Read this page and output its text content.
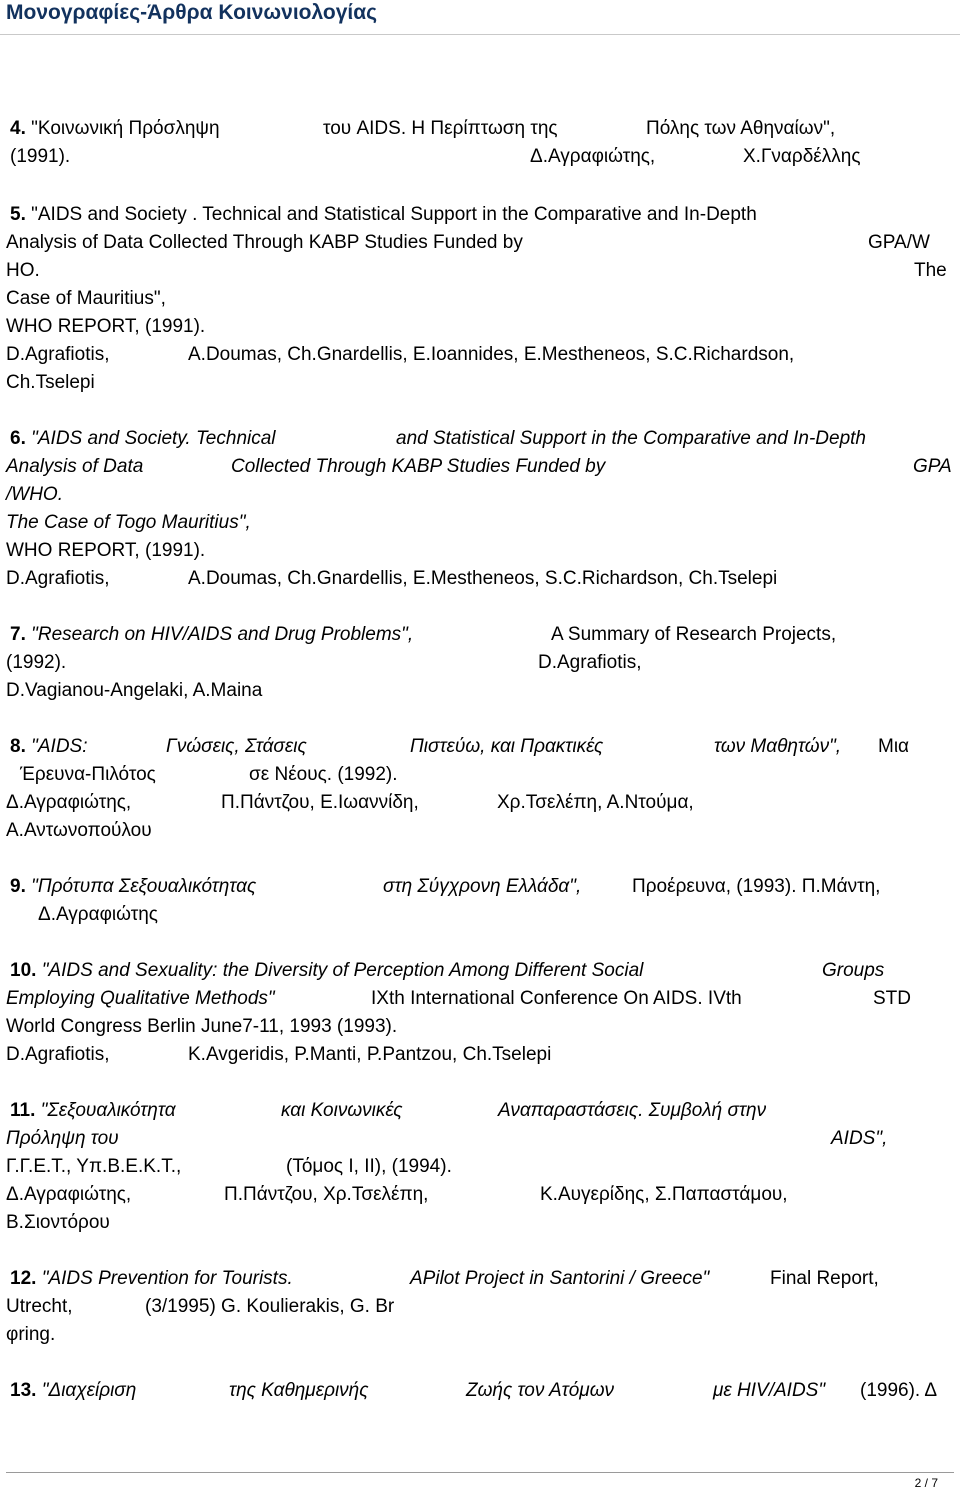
Μονογραφίες-Άρθρα Κοινωνιολογίας
4. "Κοινωνική Πρόσληψη	του AIDS. Η Περίπτωση της	Πόλης των Αθηναίων",
(1991).	Δ.Αγραφιώτης,	Χ.Γναρδέλλης
5. "AIDS and Society . Technical and Statistical Support in the Comparative and In-Depth
Analysis of Data Collected Through KABP Studies Funded by	GPA/W
HO.	The
Case of Mauritius",
WHO REPORT, (1991).
D.Agrafiotis,	A.Doumas, Ch.Gnardellis, E.Ioannides, E.Mestheneos, S.C.Richardson,
Ch.Tselepi
6. "AIDS and Society. Technical	and Statistical Support in the Comparative and In-Depth
Analysis of Data	Collected Through KABP Studies Funded by	GPA
/WHO.
The Case of Togo Mauritius",
WHO REPORT, (1991).
D.Agrafiotis,	A.Doumas, Ch.Gnardellis, E.Mestheneos, S.C.Richardson, Ch.Tselepi
7. "Research on HIV/AIDS and Drug Problems",	A Summary of Research Projects,
(1992).	D.Agrafiotis,
D.Vagianou-Angelaki, A.Maina
8. "AIDS:	Γνώσεις, Στάσεις	Πιστεύω, και Πρακτικές	των Μαθητών", Μια
Έρευνα-Πιλότος	σε Νέους. (1992).
Δ.Αγραφιώτης,	Π.Πάντζου, Ε.Ιωαννίδη,	Χρ.Τσελέπη, Α.Ντούμα,
Α.Αντωνοπούλου
9. "Πρότυπα Σεξουαλικότητας	στη Σύγχρονη Ελλάδα",	Προέρευνα, (1993). Π.Μάντη,
Δ.Αγραφιώτης
10. "AIDS and Sexuality: the Diversity of Perception Among Different Social	Groups
Employing Qualitative Methods"	IXth International Conference On AIDS. IVth	STD
World Congress Berlin June7-11, 1993 (1993).
D.Agrafiotis,	K.Avgeridis, P.Manti, P.Pantzou, Ch.Tselepi
11. "Σεξουαλικότητα	και Κοινωνικές	Αναπαραστάσεις. Συμβολή στην
Πρόληψη του	AIDS",
Γ.Γ.Ε.Τ., Υπ.Β.Ε.Κ.Τ.,	(Τόμος Ι, ΙΙ), (1994).
Δ.Αγραφιώτης,	Π.Πάντζου, Χρ.Τσελέπη,	Κ.Αυγερίδης, Σ.Παπαστάμου,
Β.Σιοντόρου
12. "AIDS Prevention for Tourists.	APilot Project in Santorini / Greece"	Final Report,
Utrecht,	(3/1995) G. Koulierakis, G. Br
φring.
13. "Διαχείριση	της Καθημερινής	Ζωής τον Ατόμων	με HIV/AIDS" (1996). Δ
2 / 7
